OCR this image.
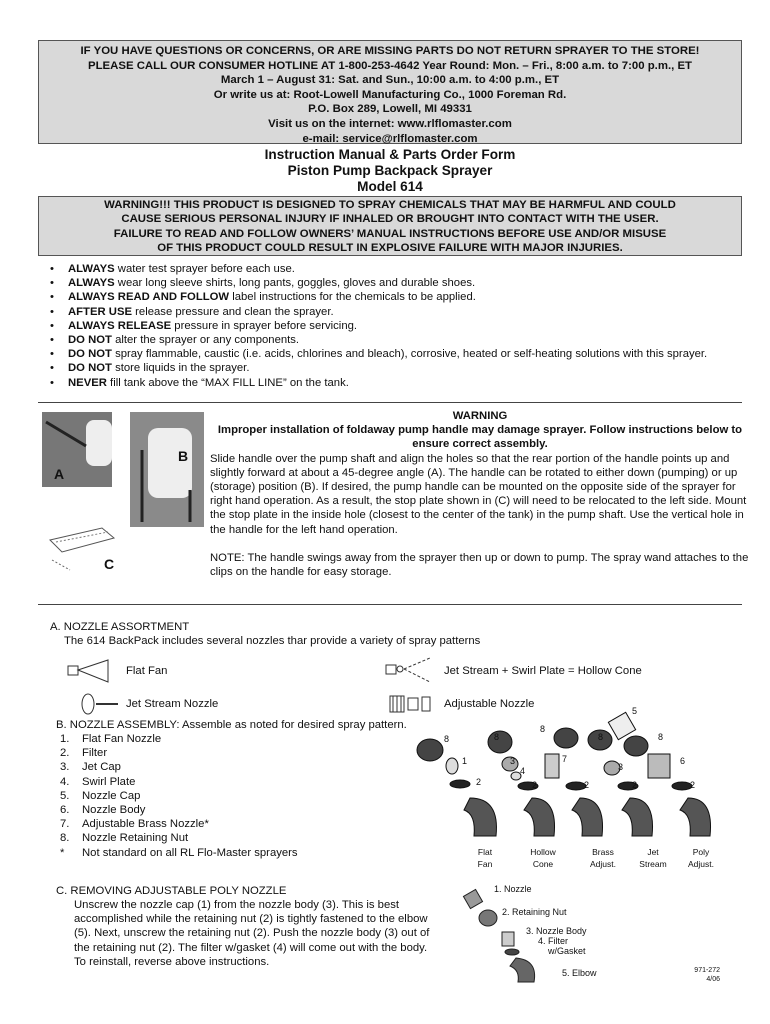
IF YOU HAVE QUESTIONS OR CONCERNS, OR ARE MISSING PARTS DO NOT RETURN SPRAYER TO THE STORE!
PLEASE CALL OUR CONSUMER HOTLINE AT 1-800-253-4642 Year Round: Mon. – Fri., 8:00 a.m. to 7:00 p.m., ET
March 1 – August 31: Sat. and Sun., 10:00 a.m. to 4:00 p.m., ET
Or write us at: Root-Lowell Manufacturing Co., 1000 Foreman Rd.
P.O. Box 289, Lowell, MI 49331
Visit us on the internet: www.rlflomaster.com
e-mail: service@rlflomaster.com
Instruction Manual & Parts Order Form
Piston Pump Backpack Sprayer
Model 614
WARNING!!! THIS PRODUCT IS DESIGNED TO SPRAY CHEMICALS THAT MAY BE HARMFUL AND COULD
CAUSE SERIOUS PERSONAL INJURY IF INHALED OR BROUGHT INTO CONTACT WITH THE USER.
FAILURE TO READ AND FOLLOW OWNERS’ MANUAL INSTRUCTIONS BEFORE USE AND/OR MISUSE
OF THIS PRODUCT COULD RESULT IN EXPLOSIVE FAILURE WITH MAJOR INJURIES.
• ALWAYS water test sprayer before each use.
• ALWAYS wear long sleeve shirts, long pants, goggles, gloves and durable shoes.
• ALWAYS READ AND FOLLOW label instructions for the chemicals to be applied.
• AFTER USE release pressure and clean the sprayer.
• ALWAYS RELEASE pressure in sprayer before servicing.
• DO NOT alter the sprayer or any components.
• DO NOT spray flammable, caustic (i.e. acids, chlorines and bleach), corrosive, heated or self-heating solutions with this sprayer.
• DO NOT store liquids in the sprayer.
• NEVER fill tank above the “MAX FILL LINE” on the tank.
A
B
C
WARNING
Improper installation of foldaway pump handle may damage sprayer. Follow instructions below to ensure correct assembly.
Slide handle over the pump shaft and align the holes so that the rear portion of the handle points up and slightly forward at about a 45-degree angle (A). The handle can be rotated to either down (pumping) or up (storage) position (B). If desired, the pump handle can be mounted on the opposite side of the sprayer for right hand operation. As a result, the stop plate shown in (C) will need to be relocated to the left side. Mount the stop plate in the inside hole (closest to the center of the tank) in the pump shaft. Use the vertical hole in the handle for the left hand operation.
NOTE: The handle swings away from the sprayer then up or down to pump. The spray wand attaches to the clips on the handle for easy storage.
A. NOZZLE ASSORTMENT
The 614 BackPack includes several nozzles thar provide a variety of spray patterns
Flat Fan	Jet Stream + Swirl Plate = Hollow Cone
Jet Stream Nozzle	Adjustable Nozzle
B. NOZZLE ASSEMBLY: Assemble as noted for desired spray pattern.
1. Flat Fan Nozzle
2. Filter
3. Jet Cap
4. Swirl Plate
5. Nozzle Cap
6. Nozzle Body
7. Adjustable Brass Nozzle*
8. Nozzle Retaining Nut
* Not standard on all RL Flo-Master sprayers
8
1
2
8
3
4
2
8
7
2
8
3
2
5
8
6
2
Flat
Fan
Hollow
Cone
Brass
Adjust.
Jet
Stream
Poly
Adjust.
C. REMOVING ADJUSTABLE POLY NOZZLE
Unscrew the nozzle cap (1) from the nozzle body (3). This is best accomplished while the retaining nut (2) is tightly fastened to the elbow (5). Next, unscrew the retaining nut (2). Push the nozzle body (3) out of the retaining nut (2). The filter w/gasket (4) will come out with the body. To reinstall, reverse above instructions.
1. Nozzle
2. Retaining Nut
3. Nozzle Body
4. Filter
w/Gasket
5. Elbow	971-272
4/06
